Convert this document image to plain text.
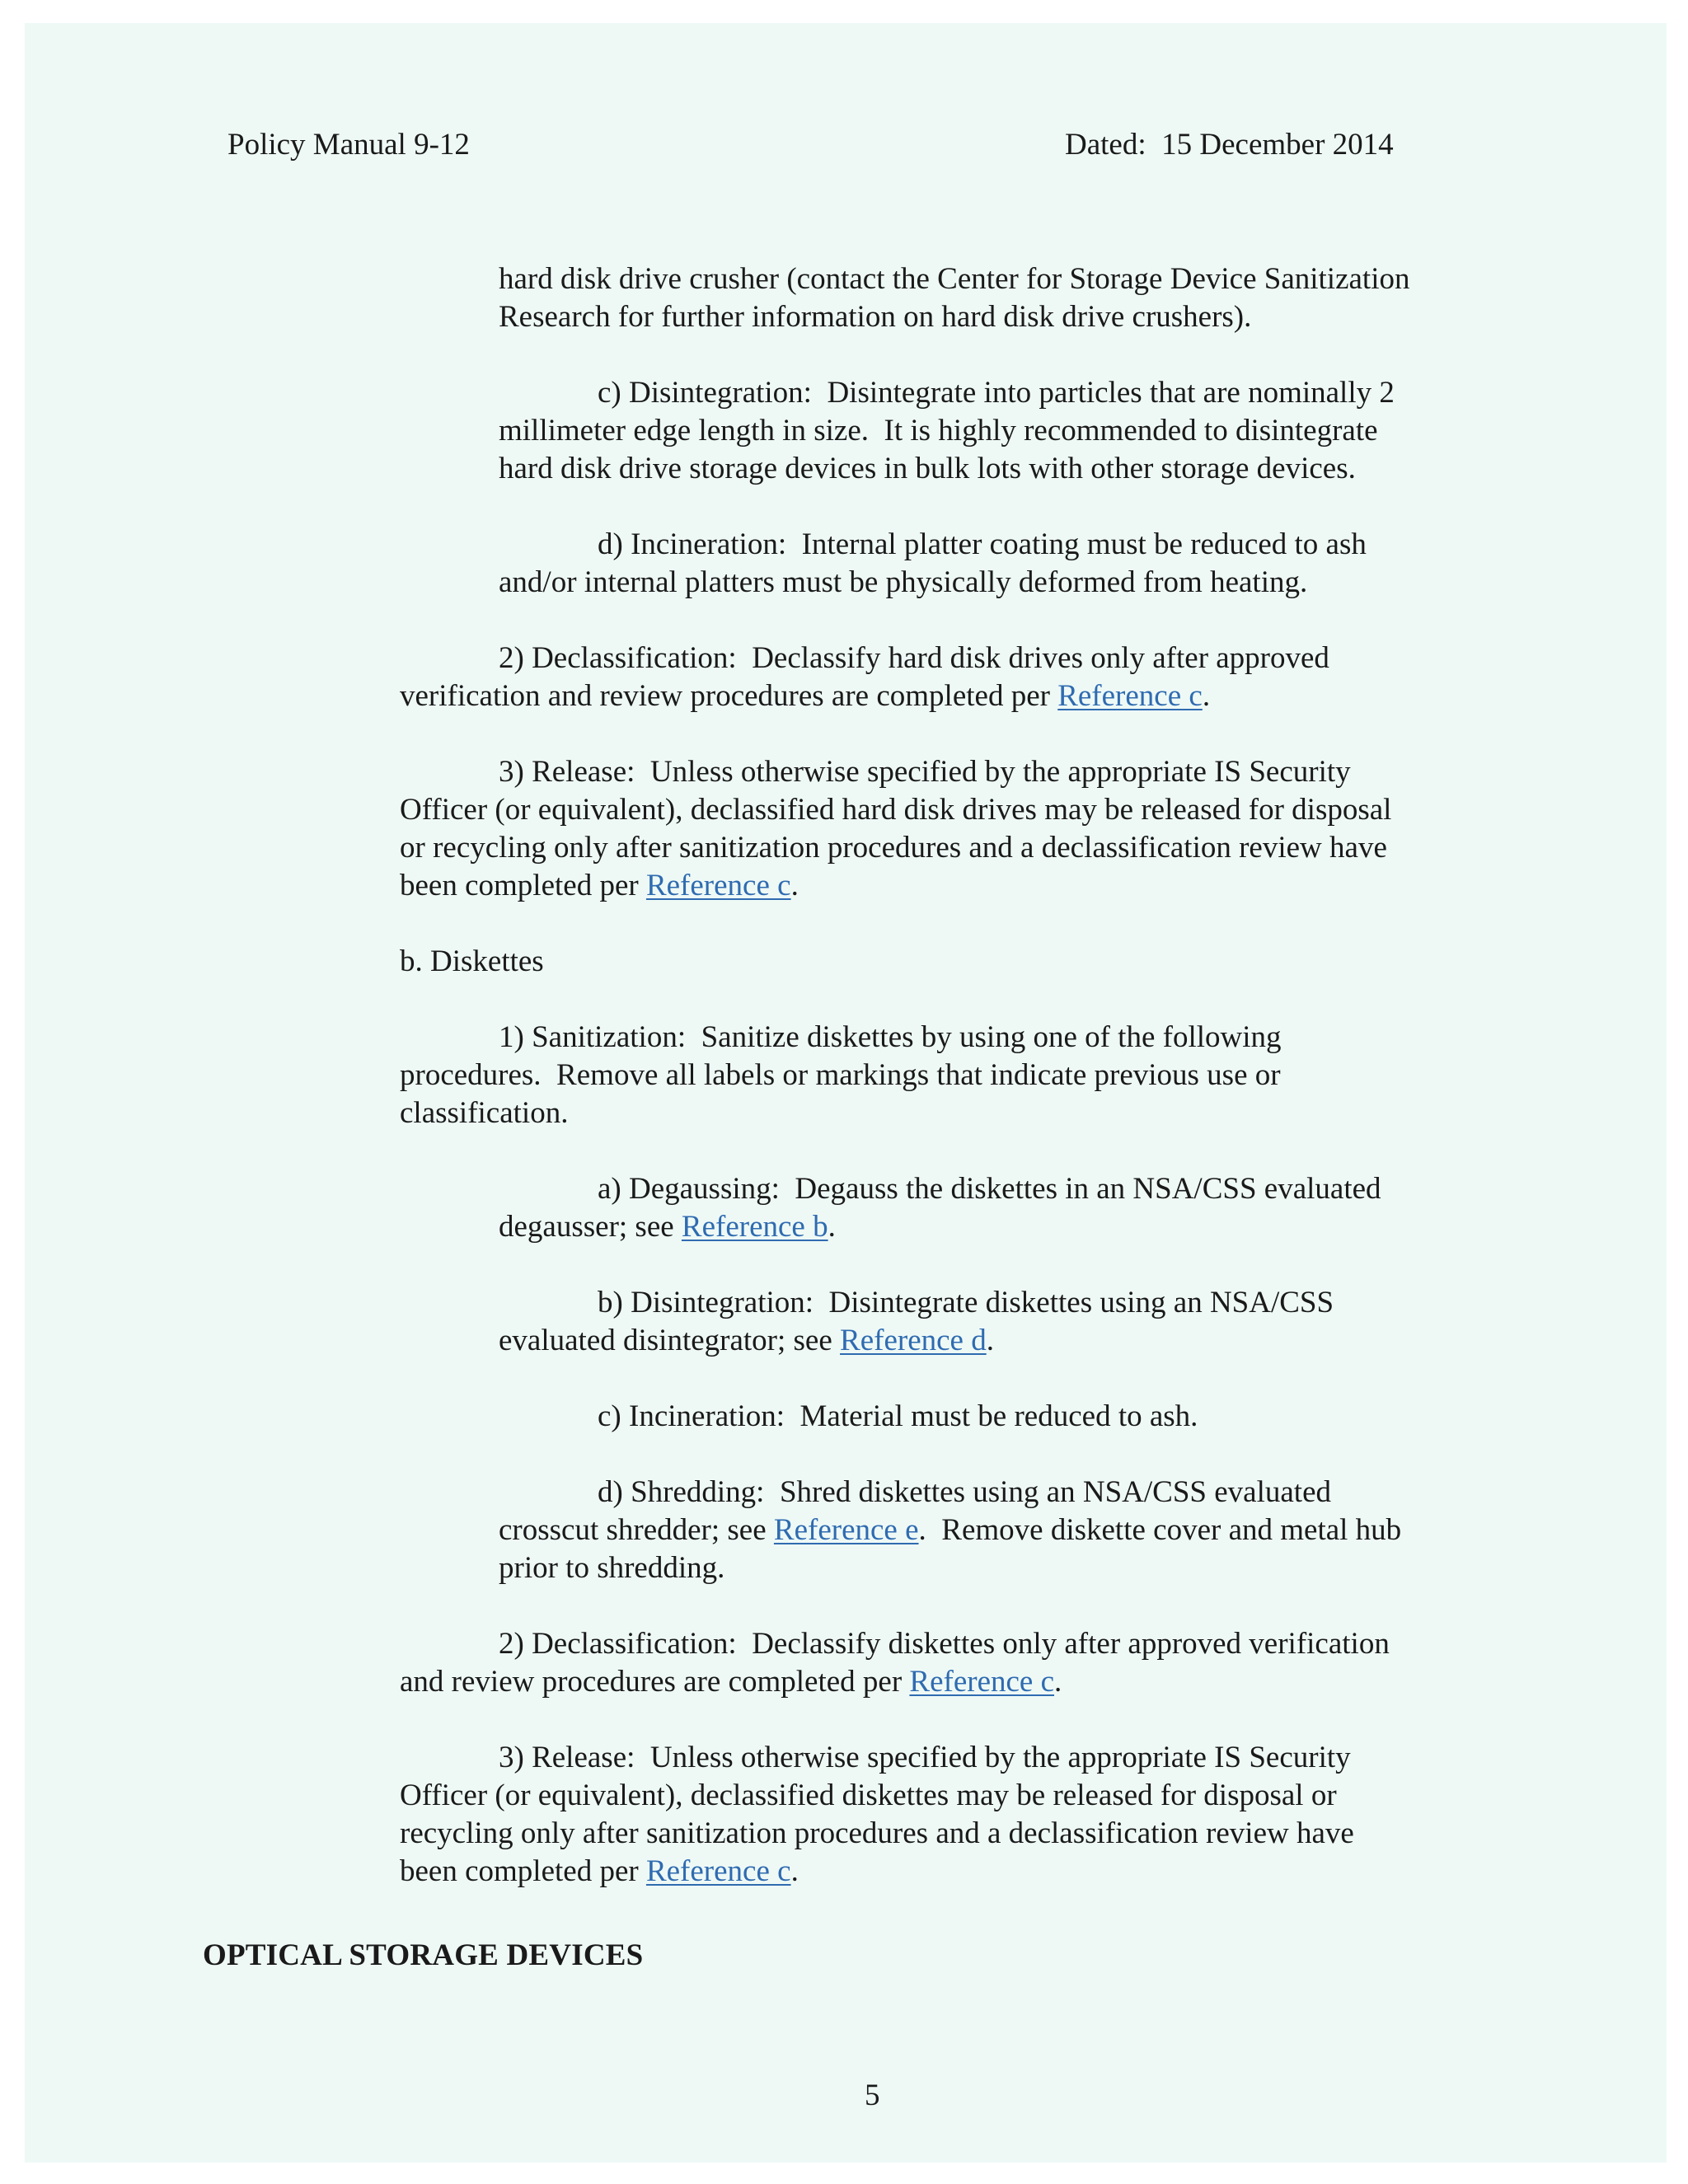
Policy Manual 9-12	Dated:  15 December 2014
hard disk drive crusher (contact the Center for Storage Device Sanitization
Research for further information on hard disk drive crushers).
c) Disintegration:  Disintegrate into particles that are nominally 2
millimeter edge length in size.  It is highly recommended to disintegrate
hard disk drive storage devices in bulk lots with other storage devices.
d) Incineration:  Internal platter coating must be reduced to ash
and/or internal platters must be physically deformed from heating.
2) Declassification:  Declassify hard disk drives only after approved
verification and review procedures are completed per Reference c.
3) Release:  Unless otherwise specified by the appropriate IS Security
Officer (or equivalent), declassified hard disk drives may be released for disposal
or recycling only after sanitization procedures and a declassification review have
been completed per Reference c.
b. Diskettes
1) Sanitization:  Sanitize diskettes by using one of the following
procedures.  Remove all labels or markings that indicate previous use or
classification.
a) Degaussing:  Degauss the diskettes in an NSA/CSS evaluated
degausser; see Reference b.
b) Disintegration:  Disintegrate diskettes using an NSA/CSS
evaluated disintegrator; see Reference d.
c) Incineration:  Material must be reduced to ash.
d) Shredding:  Shred diskettes using an NSA/CSS evaluated
crosscut shredder; see Reference e.  Remove diskette cover and metal hub
prior to shredding.
2) Declassification:  Declassify diskettes only after approved verification
and review procedures are completed per Reference c.
3) Release:  Unless otherwise specified by the appropriate IS Security
Officer (or equivalent), declassified diskettes may be released for disposal or
recycling only after sanitization procedures and a declassification review have
been completed per Reference c.
OPTICAL STORAGE DEVICES
5
